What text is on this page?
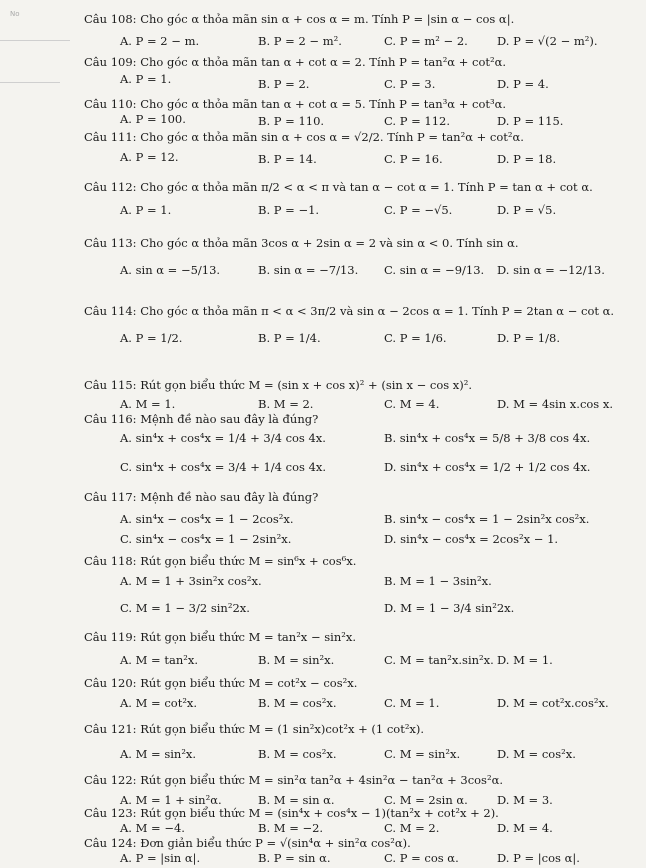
No	Câu 108: Cho góc α thỏa mãn sin α + cos α = m. Tính P = |sin α − cos α|.
A. P = 2 − m.	B. P = 2 − m².	C. P = m² − 2.	D. P = √(2 − m²).
Câu 109: Cho góc α thỏa mãn tan α + cot α = 2. Tính P = tan²α + cot²α.
A. P = 1.	B. P = 2.	C. P = 3.	D. P = 4.
Câu 110: Cho góc α thỏa mãn tan α + cot α = 5. Tính P = tan³α + cot³α.
A. P = 100.	B. P = 110.	C. P = 112.	D. P = 115.
Câu 111: Cho góc α thỏa mãn sin α + cos α = √2/2. Tính P = tan²α + cot²α.
A. P = 12.	B. P = 14.	C. P = 16.	D. P = 18.
Câu 112: Cho góc α thỏa mãn π/2 < α < π và tan α − cot α = 1. Tính P = tan α + cot α.
A. P = 1.	B. P = −1.	C. P = −√5.	D. P = √5.
Câu 113: Cho góc α thỏa mãn 3cos α + 2sin α = 2 và sin α < 0. Tính sin α.
A. sin α = −5/13.	B. sin α = −7/13. C. sin α = −9/13. D. sin α = −12/13.
Câu 114: Cho góc α thỏa mãn π < α < 3π/2 và sin α − 2cos α = 1. Tính P = 2tan α − cot α.
A. P = 1/2.	B. P = 1/4.	C. P = 1/6.	D. P = 1/8.
Câu 115: Rút gọn biểu thức M = (sin x + cos x)² + (sin x − cos x)².
A. M = 1.	B. M = 2.	C. M = 4.	D. M = 4sin x.cos x.
Câu 116: Mệnh đề nào sau đây là đúng?
A. sin⁴x + cos⁴x = 1/4 + 3/4 cos 4x.	B. sin⁴x + cos⁴x = 5/8 + 3/8 cos 4x.
C. sin⁴x + cos⁴x = 3/4 + 1/4 cos 4x.	D. sin⁴x + cos⁴x = 1/2 + 1/2 cos 4x.
Câu 117: Mệnh đề nào sau đây là đúng?
A. sin⁴x − cos⁴x = 1 − 2cos²x.	B. sin⁴x − cos⁴x = 1 − 2sin²x cos²x.
C. sin⁴x − cos⁴x = 1 − 2sin²x.	D. sin⁴x − cos⁴x = 2cos²x − 1.
Câu 118: Rút gọn biểu thức M = sin⁶x + cos⁶x.
A. M = 1 + 3sin²x cos²x.	B. M = 1 − 3sin²x.
C. M = 1 − 3/2 sin²2x.	D. M = 1 − 3/4 sin²2x.
Câu 119: Rút gọn biểu thức M = tan²x − sin²x.
A. M = tan²x.	B. M = sin²x.	C. M = tan²x.sin²x. D. M = 1.
Câu 120: Rút gọn biểu thức M = cot²x − cos²x.
A. M = cot²x.	B. M = cos²x.	C. M = 1.	D. M = cot²x.cos²x.
Câu 121: Rút gọn biểu thức M = (1 sin²x)cot²x + (1 cot²x).
A. M = sin²x.	B. M = cos²x.	C. M = sin²x.	D. M = cos²x.
Câu 122: Rút gọn biểu thức M = sin²α tan²α + 4sin²α − tan²α + 3cos²α.
A. M = 1 + sin²α.	B. M = sin α.	C. M = 2sin α.	D. M = 3.
Câu 123: Rút gọn biểu thức M = (sin⁴x + cos⁴x − 1)(tan²x + cot²x + 2).
A. M = −4.	B. M = −2.	C. M = 2.	D. M = 4.
Câu 124: Đơn giản biểu thức P = √(sin⁴α + sin²α cos²α).
A. P = |sin α|.	B. P = sin α.	C. P = cos α.	D. P = |cos α|.
